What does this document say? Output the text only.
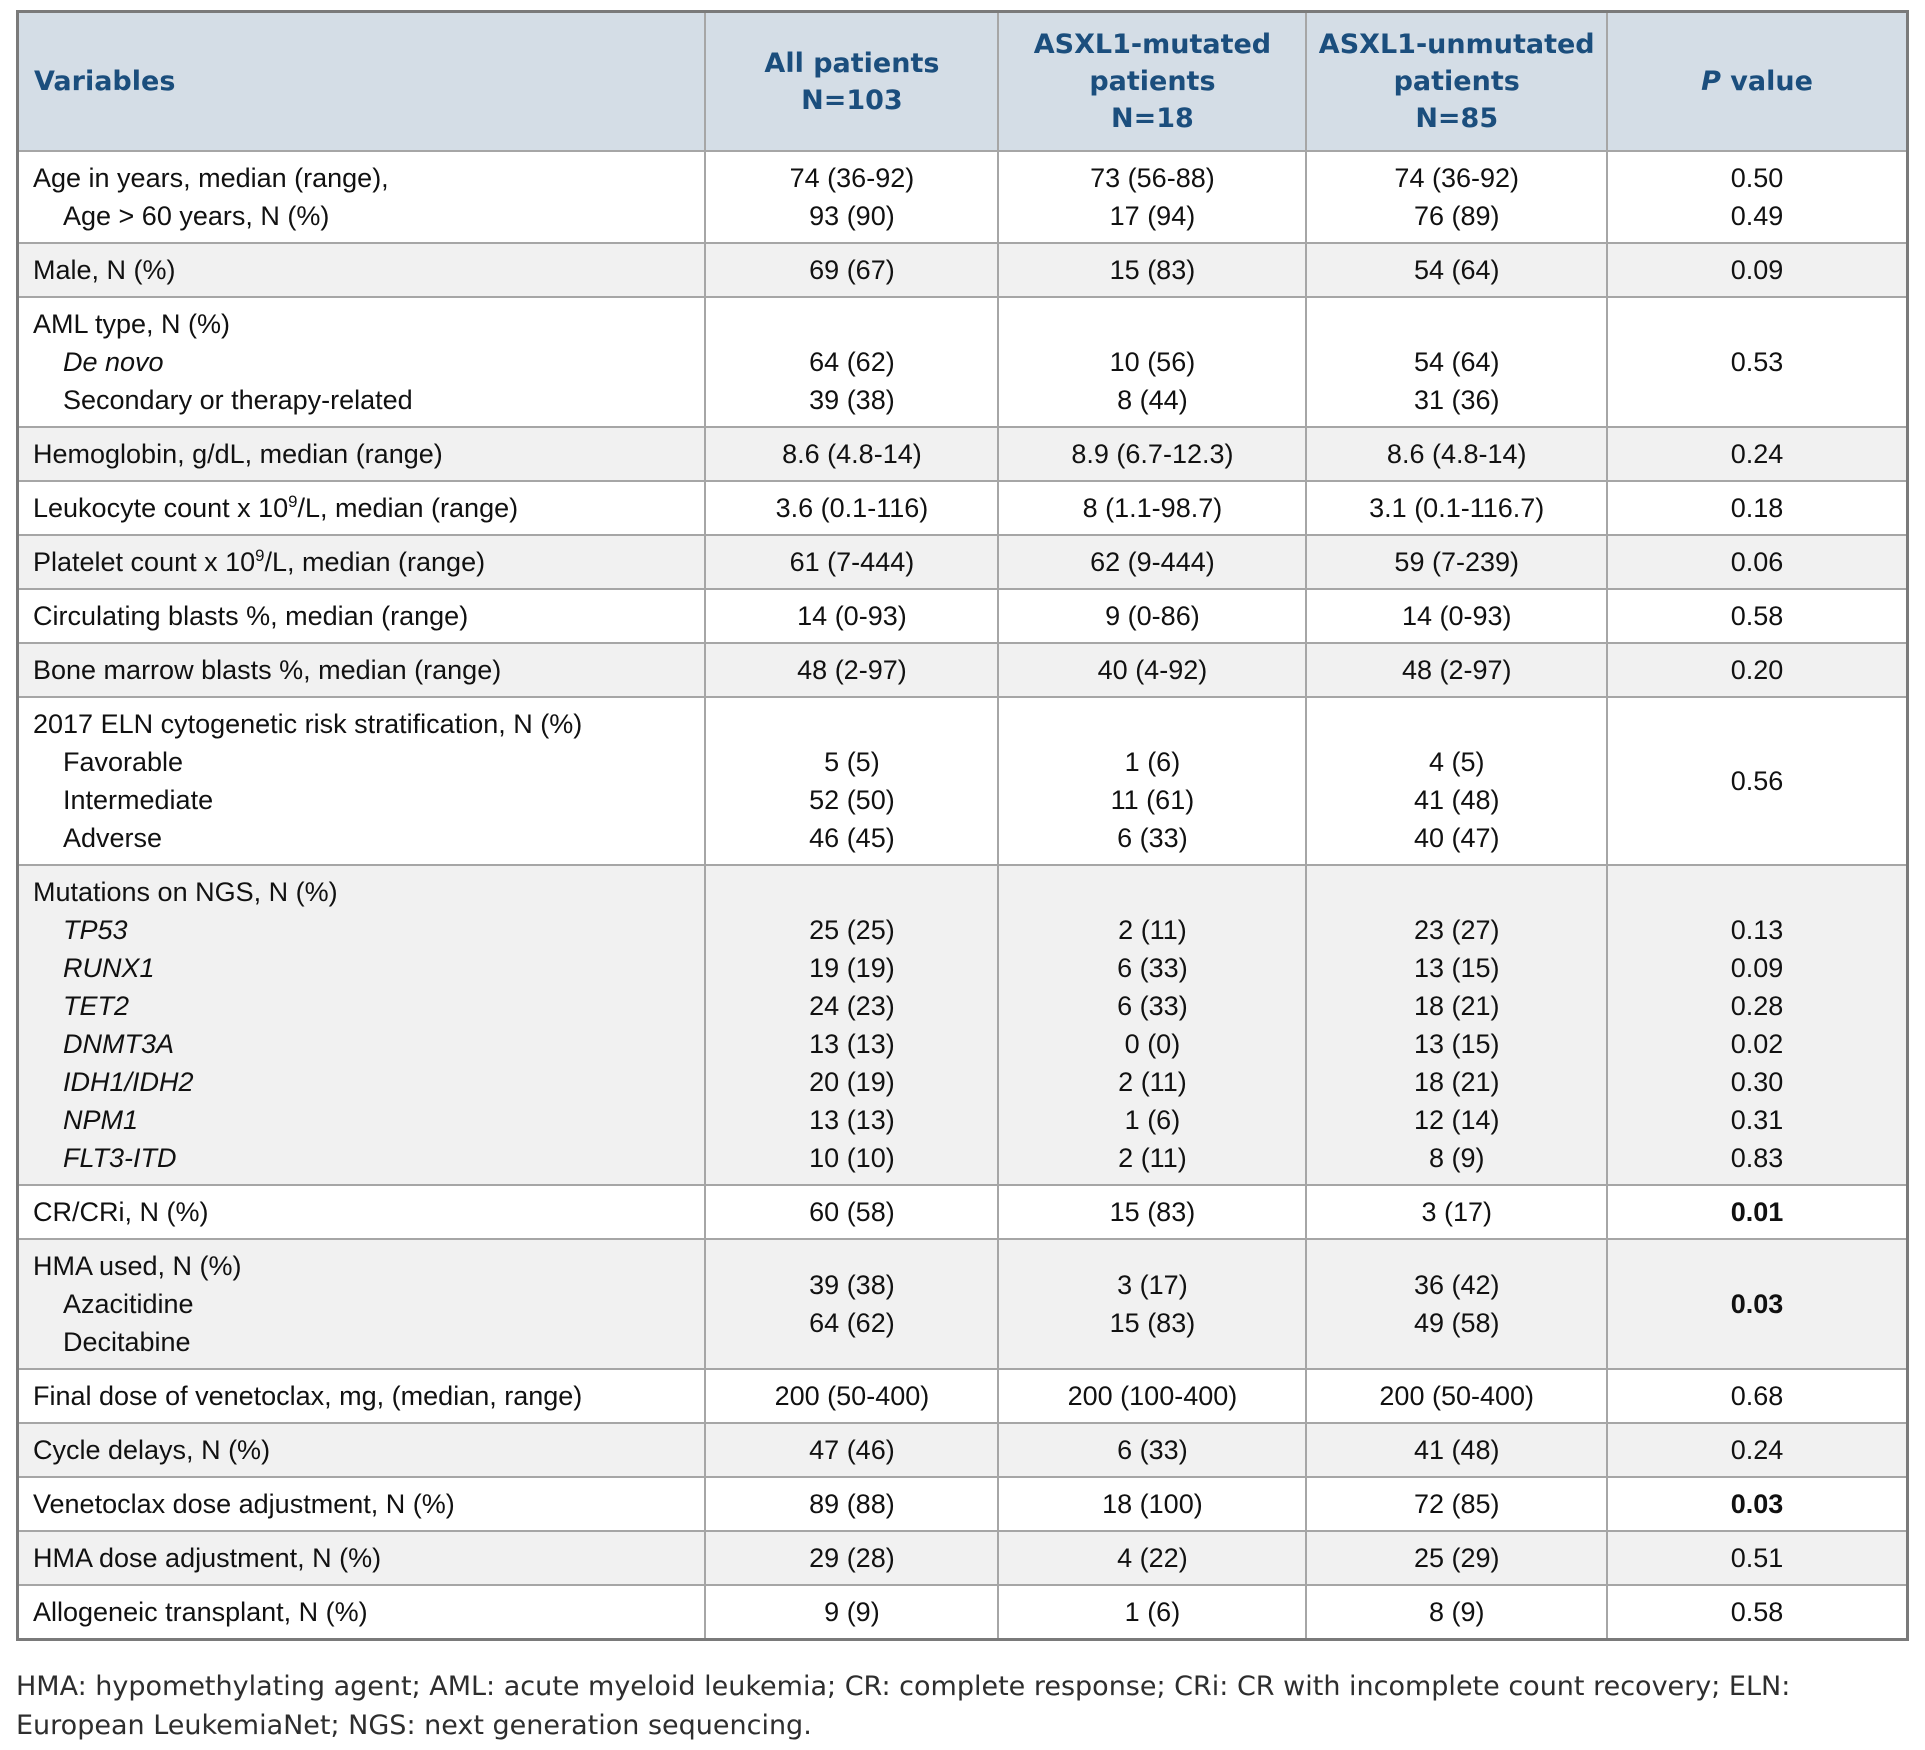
Variables

All patients
N=103

ASXL1-mutated
patients
N=18

ASXL1-unmutated
patients
N=85

P value

Age in years, median (range),
Age > 60 years, N (%)

74 (36-92)
93 (90)

73 (56-88)
17 (94)

74 (36-92)
76 (89)

0.50
0.49

Male, N (%)	69 (67)	15 (83)	54 (64)	0.09

AML type, N (%)
De novo
Secondary or therapy-related

64 (62)
39 (38)

10 (56)
8 (44)

54 (64)
31 (36)

0.53

Hemoglobin, g/dL, median (range)	8.6 (4.8-14)	8.9 (6.7-12.3)	8.6 (4.8-14)	0.24

Leukocyte count x $10^9/L$, median (range)	3.6 (0.1-116)	8 (1.1-98.7)	3.1 (0.1-116.7)	0.18

Platelet count x $10^9/L$, median (range)	61 (7-444)	62 (9-444)	59 (7-239)	0.06

Circulating blasts %, median (range)	14 (0-93)	9 (0-86)	14 (0-93)	0.58

Bone marrow blasts %, median (range)	48 (2-97)	40 (4-92)	48 (2-97)	0.20

2017 ELN cytogenetic risk stratification, N (%)
Favorable
Intermediate
Adverse

5 (5)
52 (50)
46 (45)

1 (6)
11 (61)
6 (33)

4 (5)
41 (48)
40 (47)

0.56

Mutations on NGS, N (%)
TP53
RUNX1
TET2
DNMT3A
IDH1/IDH2
NPM1
FLT3-ITD

25 (25)
19 (19)
24 (23)
13 (13)
20 (19)
13 (13)
10 (10)

2 (11)
6 (33)
6 (33)
0 (0)
2 (11)
1 (6)
2 (11)

23 (27)
13 (15)
18 (21)
13 (15)
18 (21)
12 (14)
8 (9)

0.13
0.09
0.28
0.02
0.30
0.31
0.83

CR/CRi, N (%)	60 (58)	15 (83)	3 (17)	0.01

HMA used, N (%)
Azacitidine
Decitabine

39 (38)
64 (62)

3 (17)
15 (83)

36 (42)
49 (58)

0.03

Final dose of venetoclax, mg, (median, range)	200 (50-400)	200 (100-400)	200 (50-400)	0.68

Cycle delays, N (%)	47 (46)	6 (33)	41 (48)	0.24

Venetoclax dose adjustment, N (%)	89 (88)	18 (100)	72 (85)	0.03

HMA dose adjustment, N (%)	29 (28)	4 (22)	25 (29)	0.51

Allogeneic transplant, N (%)	9 (9)	1 (6)	8 (9)	0.58

HMA: hypomethylating agent; AML: acute myeloid leukemia; CR: complete response; CRi: CR with incomplete count recovery; ELN: European LeukemiaNet; NGS: next generation sequencing.
